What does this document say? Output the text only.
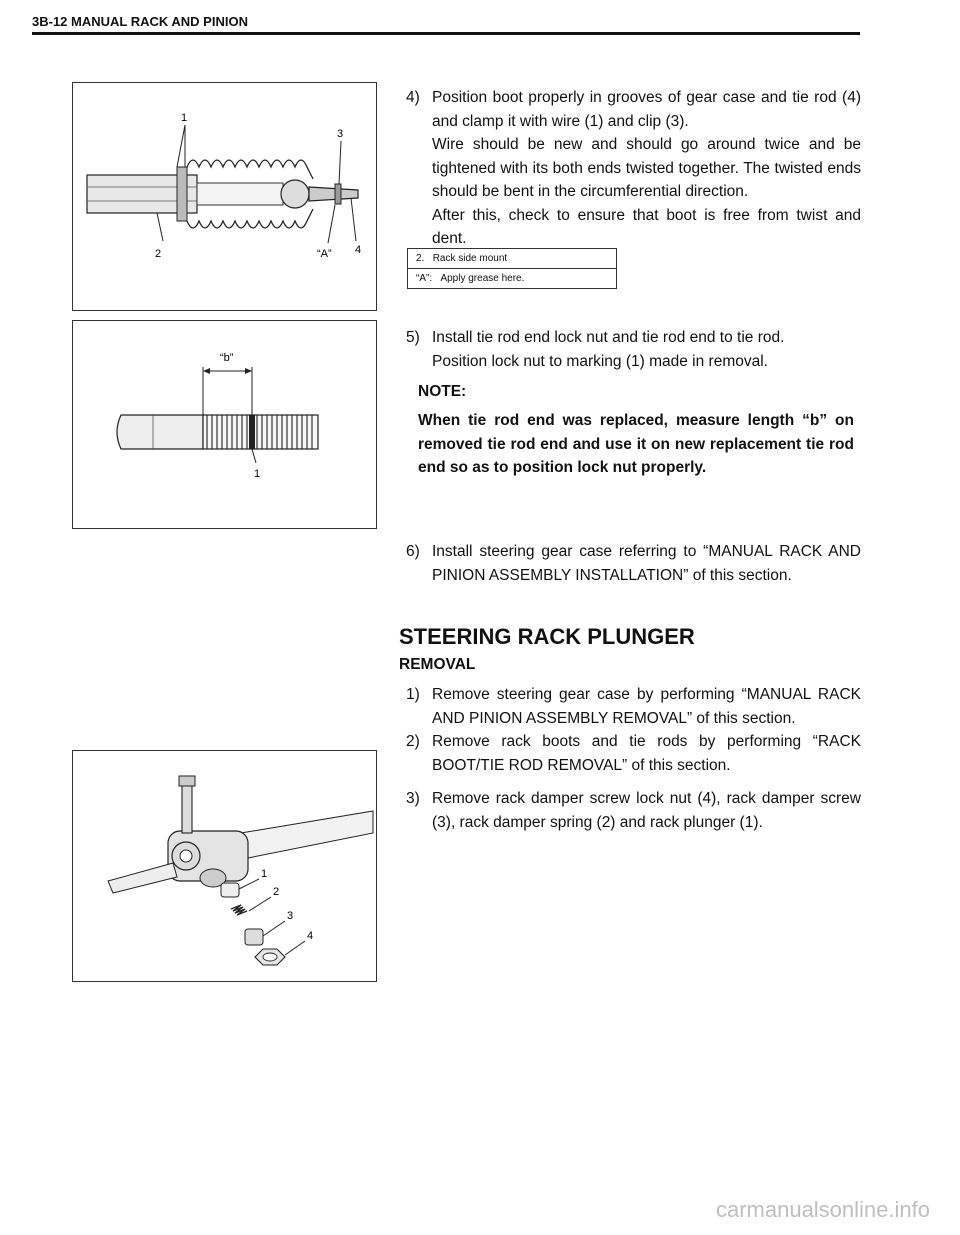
3B-12 MANUAL RACK AND PINION
1
3
2	“A” 4
4) Position boot properly in grooves of gear case and tie rod (4) and clamp it with wire (1) and clip (3).
Wire should be new and should go around twice and be tightened with its both ends twisted together. The twisted ends should be bent in the circumferential direction.
After this, check to ensure that boot is free from twist and dent.
2. Rack side mount
“A”: Apply grease here.
“b”
1
5) Install tie rod end lock nut and tie rod end to tie rod.
Position lock nut to marking (1) made in removal.
NOTE:
When tie rod end was replaced, measure length “b” on removed tie rod end and use it on new replacement tie rod end so as to position lock nut properly.
6) Install steering gear case referring to “MANUAL RACK AND PINION ASSEMBLY INSTALLATION” of this section.
STEERING RACK PLUNGER
REMOVAL
1) Remove steering gear case by performing “MANUAL RACK AND PINION ASSEMBLY REMOVAL” of this section.
2) Remove rack boots and tie rods by performing “RACK BOOT/TIE ROD REMOVAL” of this section.
3) Remove rack damper screw lock nut (4), rack damper screw (3), rack damper spring (2) and rack plunger (1).
1
2
3
4
carmanualsonline.info
